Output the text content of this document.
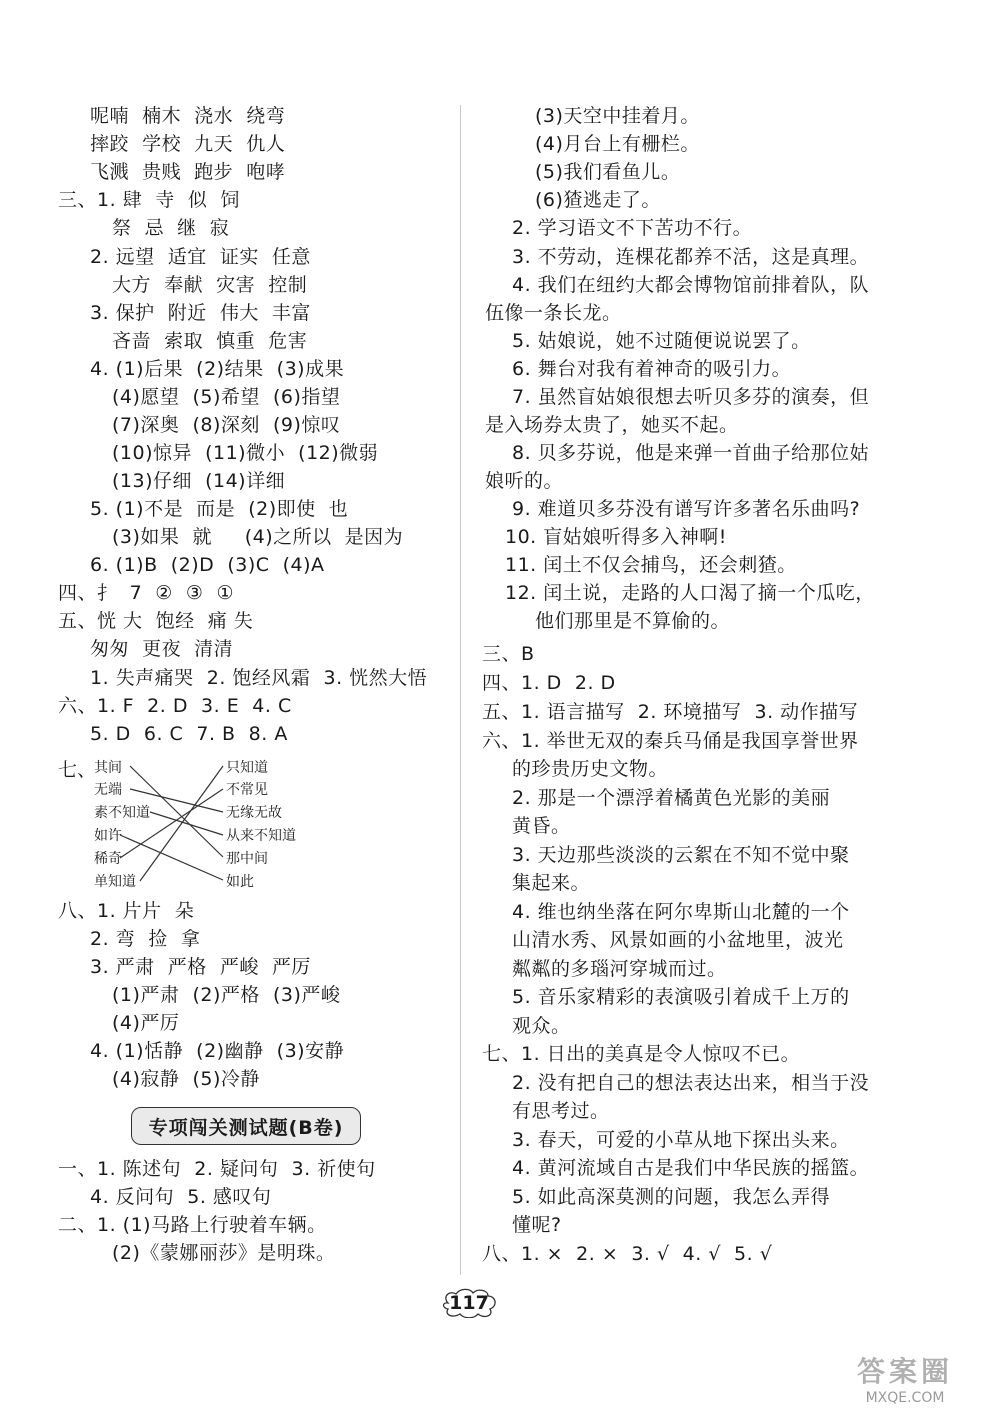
呢喃  楠木  浇水  绕弯
摔跤  学校  九天  仇人
飞溅  贵贱  跑步  咆哮
三、1. 肆  寺  似  饲
祭  忌  继  寂
2. 远望  适宜  证实  任意
大方  奉献  灾害  控制
3. 保护  附近  伟大  丰富
吝啬  索取  慎重  危害
4. (1)后果  (2)结果  (3)成果
(4)愿望  (5)希望  (6)指望
(7)深奥  (8)深刻  (9)惊叹
(10)惊异  (11)微小  (12)微弱
(13)仔细  (14)详细
5. (1)不是  而是  (2)即使  也
(3)如果  就     (4)之所以  是因为
6. (1)B  (2)D  (3)C  (4)A
四、扌  7  ②  ③  ①
五、恍 大  饱经  痛 失
匆匆  更夜  清清
1. 失声痛哭  2. 饱经风霜  3. 恍然大悟
六、1. F  2. D  3. E  4. C
5. D  6. C  7. B  8. A
七、
其间
无端
素不知道
如许
稀奇
单知道
只知道
不常见
无缘无故
从来不知道
那中间
如此
八、1. 片片  朵
2. 弯  捡  拿
3. 严肃  严格  严峻  严厉
(1)严肃  (2)严格  (3)严峻
(4)严厉
4. (1)恬静  (2)幽静  (3)安静
(4)寂静  (5)冷静
专项闯关测试题(B卷)
一、1. 陈述句  2. 疑问句  3. 祈使句
4. 反问句  5. 感叹句
二、1. (1)马路上行驶着车辆。
(2)《蒙娜丽莎》是明珠。
(3)天空中挂着月。
(4)月台上有栅栏。
(5)我们看鱼儿。
(6)猹逃走了。
2. 学习语文不下苦功不行。
3. 不劳动，连棵花都养不活，这是真理。
4. 我们在纽约大都会博物馆前排着队，队
伍像一条长龙。
5. 姑娘说，她不过随便说说罢了。
6. 舞台对我有着神奇的吸引力。
7. 虽然盲姑娘很想去听贝多芬的演奏，但
是入场券太贵了，她买不起。
8. 贝多芬说，他是来弹一首曲子给那位姑
娘听的。
9. 难道贝多芬没有谱写许多著名乐曲吗?
10. 盲姑娘听得多入神啊!
11. 闰土不仅会捕鸟，还会刺猹。
12. 闰土说，走路的人口渴了摘一个瓜吃，
他们那里是不算偷的。
三、B
四、1. D  2. D
五、1. 语言描写  2. 环境描写  3. 动作描写
六、1. 举世无双的秦兵马俑是我国享誉世界
的珍贵历史文物。
2. 那是一个漂浮着橘黄色光影的美丽
黄昏。
3. 天边那些淡淡的云絮在不知不觉中聚
集起来。
4. 维也纳坐落在阿尔卑斯山北麓的一个
山清水秀、风景如画的小盆地里，波光
粼粼的多瑙河穿城而过。
5. 音乐家精彩的表演吸引着成千上万的
观众。
七、1. 日出的美真是令人惊叹不已。
2. 没有把自己的想法表达出来，相当于没
有思考过。
3. 春天，可爱的小草从地下探出头来。
4. 黄河流域自古是我们中华民族的摇篮。
5. 如此高深莫测的问题，我怎么弄得
懂呢?
八、1. ×  2. ×  3. √  4. √  5. √
117
答案圈
MXQE.COM
